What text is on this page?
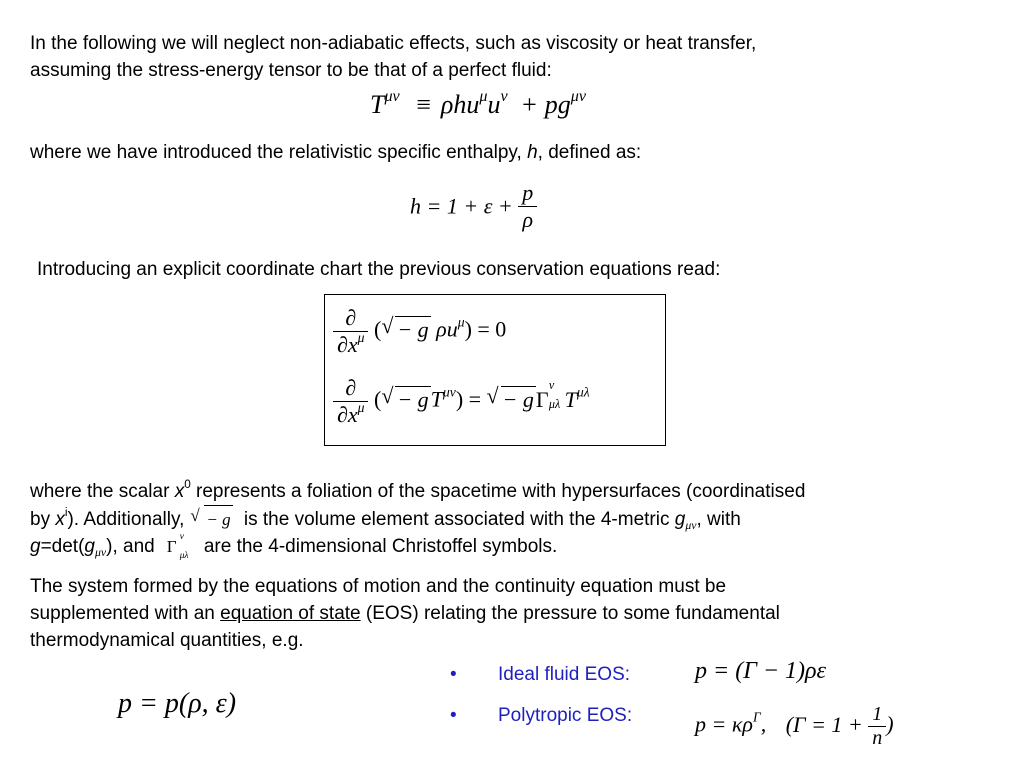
In the following we will neglect non-adiabatic effects, such as viscosity or heat transfer,
assuming the stress-energy tensor to be that of a perfect fluid:
$T^{\mu\nu} \equiv \rho hu^\mu u^\nu + pg^{\mu\nu}$
where we have introduced the relativistic specific enthalpy, h, defined as:
$h = 1 + \varepsilon + \frac{p}{\rho}$
Introducing an explicit coordinate chart the previous conservation equations read:
$\frac{\partial}{\partial x^\mu}$ ( √ − g $\rho u^\mu) = 0$
$\frac{\partial}{\partial x^\mu}$ ( √ − $gT^{\mu\nu}$) = √ − gΓ
ν
μλ $T^{\mu\lambda}$
where the scalar $x^0$ represents a foliation of the spacetime with hypersurfaces (coordinatised
by $x^i$). Additionally, √ − g is the volume element associated with the 4-metric $g_{\mu\nu}$, with
$g=\det(g_{\mu\nu})$, and Γ ν
μλ are the 4-dimensional Christoffel symbols.
The system formed by the equations of motion and the continuity equation must be
supplemented with an equation of state (EOS) relating the pressure to some fundamental
thermodynamical quantities, e.g.
p = p(ρ, ε)
• Ideal fluid EOS:	p = (Γ − 1)ρε
• Polytropic EOS:	$p = \kappa\rho^\Gamma$, ($\Gamma = 1 + \frac{1}{n}$ )
